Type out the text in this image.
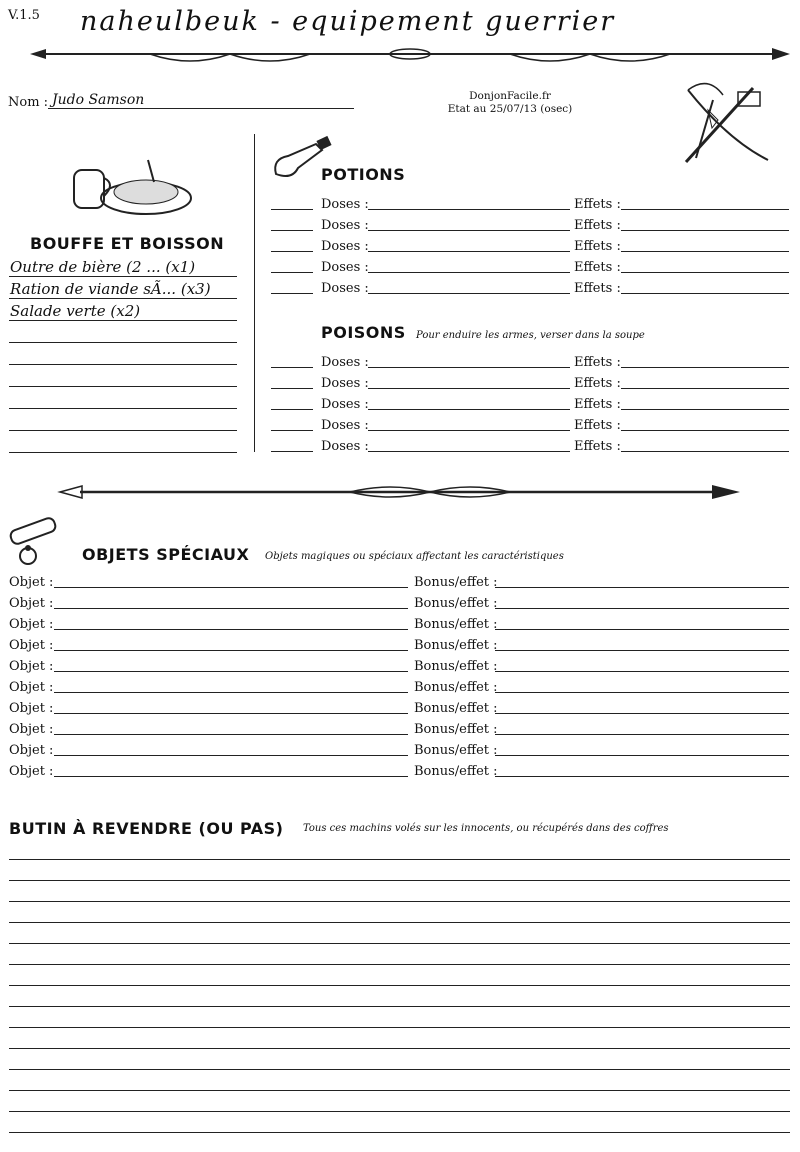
V.1.5 naheulbeuk - equipement guerrier
Nom : Judo Samson	DonjonFacile.fr
Etat au 25/07/13 (osec)
BOUFFE ET BOISSON
Outre de bière (2 ... (x1)
Ration de viande sÃ... (x3)
Salade verte (x2)
POTIONS
Doses :	Effets :
Doses :	Effets :
Doses :	Effets :
Doses :	Effets :
Doses :	Effets :
POISONS Pour enduire les armes, verser dans la soupe
Doses :	Effets :
Doses :	Effets :
Doses :	Effets :
Doses :	Effets :
Doses :	Effets :
OBJETS SPÉCIAUX Objets magiques ou spéciaux affectant les caractéristiques
Objet :	Bonus/effet :
Objet :	Bonus/effet :
Objet :	Bonus/effet :
Objet :	Bonus/effet :
Objet :	Bonus/effet :
Objet :	Bonus/effet :
Objet :	Bonus/effet :
Objet :	Bonus/effet :
Objet :	Bonus/effet :
Objet :	Bonus/effet :
BUTIN À REVENDRE (OU PAS) Tous ces machins volés sur les innocents, ou récupérés dans des coffres
